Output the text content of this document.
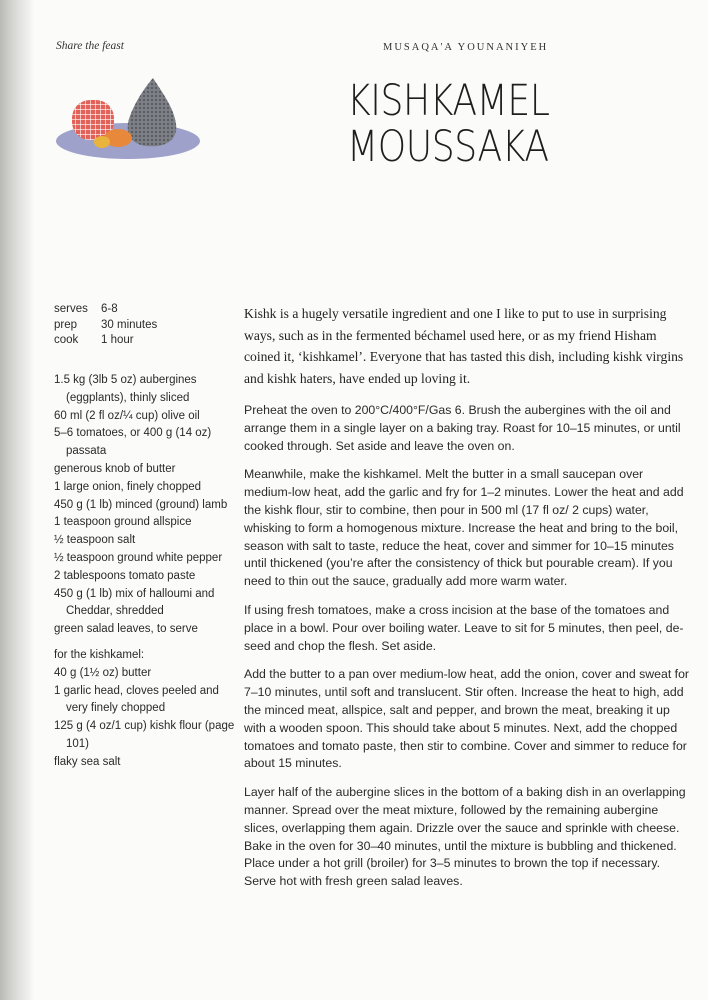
Share the feast	MUSAQA'A YOUNANIYEH
KISHKAMEL
MOUSSAKA
serves	6-8
prep	30 minutes
cook	1 hour
1.5 kg (3lb 5 oz) aubergines (eggplants), thinly sliced
60 ml (2 fl oz/¼ cup) olive oil
5–6 tomatoes, or 400 g (14 oz) passata
generous knob of butter
1 large onion, finely chopped
450 g (1 lb) minced (ground) lamb
1 teaspoon ground allspice
½ teaspoon salt
½ teaspoon ground white pepper
2 tablespoons tomato paste
450 g (1 lb) mix of halloumi and Cheddar, shredded
green salad leaves, to serve
for the kishkamel:
40 g (1½ oz) butter
1 garlic head, cloves peeled and very finely chopped
125 g (4 oz/1 cup) kishk flour (page 101)
flaky sea salt

Kishk is a hugely versatile ingredient and one I like to put to use in surprising ways, such as in the fermented béchamel used here, or as my friend Hisham coined it, ‘kishkamel’. Everyone that has tasted this dish, including kishk virgins and kishk haters, have ended up loving it.

Preheat the oven to 200°C/400°F/Gas 6. Brush the aubergines with the oil and arrange them in a single layer on a baking tray. Roast for 10–15 minutes, or until cooked through. Set aside and leave the oven on.

Meanwhile, make the kishkamel. Melt the butter in a small saucepan over medium-low heat, add the garlic and fry for 1–2 minutes. Lower the heat and add the kishk flour, stir to combine, then pour in 500 ml (17 fl oz/ 2 cups) water, whisking to form a homogenous mixture. Increase the heat and bring to the boil, season with salt to taste, reduce the heat, cover and simmer for 10–15 minutes until thickened (you’re after the consistency of thick but pourable cream). If you need to thin out the sauce, gradually add more warm water.

If using fresh tomatoes, make a cross incision at the base of the tomatoes and place in a bowl. Pour over boiling water. Leave to sit for 5 minutes, then peel, de-seed and chop the flesh. Set aside.

Add the butter to a pan over medium-low heat, add the onion, cover and sweat for 7–10 minutes, until soft and translucent. Stir often. Increase the heat to high, add the minced meat, allspice, salt and pepper, and brown the meat, breaking it up with a wooden spoon. This should take about 5 minutes. Next, add the chopped tomatoes and tomato paste, then stir to combine. Cover and simmer to reduce for about 15 minutes.

Layer half of the aubergine slices in the bottom of a baking dish in an overlapping manner. Spread over the meat mixture, followed by the remaining aubergine slices, overlapping them again. Drizzle over the sauce and sprinkle with cheese. Bake in the oven for 30–40 minutes, until the mixture is bubbling and thickened. Place under a hot grill (broiler) for 3–5 minutes to brown the top if necessary. Serve hot with fresh green salad leaves.
